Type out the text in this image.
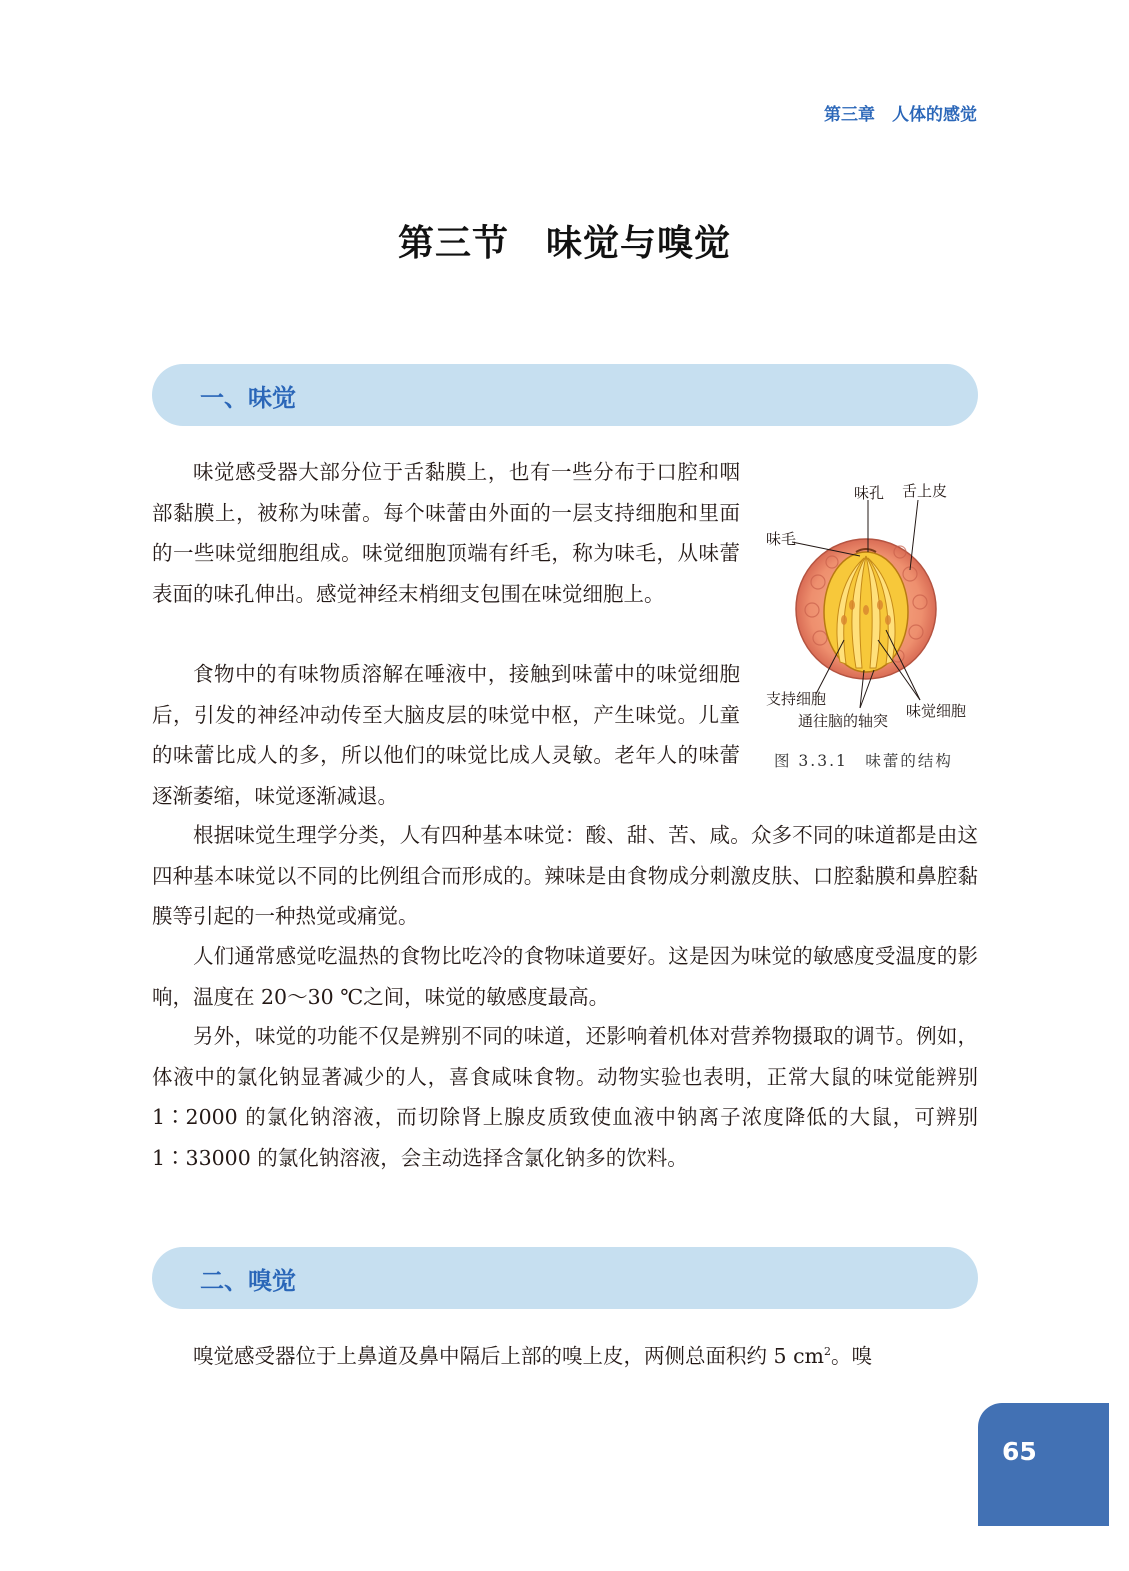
第三章　人体的感觉
第三节　味觉与嗅觉
一、味觉

味觉感受器大部分位于舌黏膜上，也有一些分布于口腔和咽部黏膜上，被称为味蕾。每个味蕾由外面的一层支持细胞和里面的一些味觉细胞组成。味觉细胞顶端有纤毛，称为味毛，从味蕾表面的味孔伸出。感觉神经末梢细支包围在味觉细胞上。

食物中的有味物质溶解在唾液中，接触到味蕾中的味觉细胞后，引发的神经冲动传至大脑皮层的味觉中枢，产生味觉。儿童的味蕾比成人的多，所以他们的味觉比成人灵敏。老年人的味蕾逐渐萎缩，味觉逐渐减退。

根据味觉生理学分类，人有四种基本味觉：酸、甜、苦、咸。众多不同的味道都是由这四种基本味觉以不同的比例组合而形成的。辣味是由食物成分刺激皮肤、口腔黏膜和鼻腔黏膜等引起的一种热觉或痛觉。

人们通常感觉吃温热的食物比吃冷的食物味道要好。这是因为味觉的敏感度受温度的影响，温度在 20～30 ℃之间，味觉的敏感度最高。

另外，味觉的功能不仅是辨别不同的味道，还影响着机体对营养物摄取的调节。例如，体液中的氯化钠显著减少的人，喜食咸味食物。动物实验也表明，正常大鼠的味觉能辨别 1∶2000 的氯化钠溶液，而切除肾上腺皮质致使血液中钠离子浓度降低的大鼠，可辨别 1∶33000 的氯化钠溶液，会主动选择含氯化钠多的饮料。

味孔 舌上皮
味毛
支持细胞
通往脑的轴突
味觉细胞
图 3.3.1　味蕾的结构
二、嗅觉

嗅觉感受器位于上鼻道及鼻中隔后上部的嗅上皮，两侧总面积约 5 $cm^2$。嗅

65
